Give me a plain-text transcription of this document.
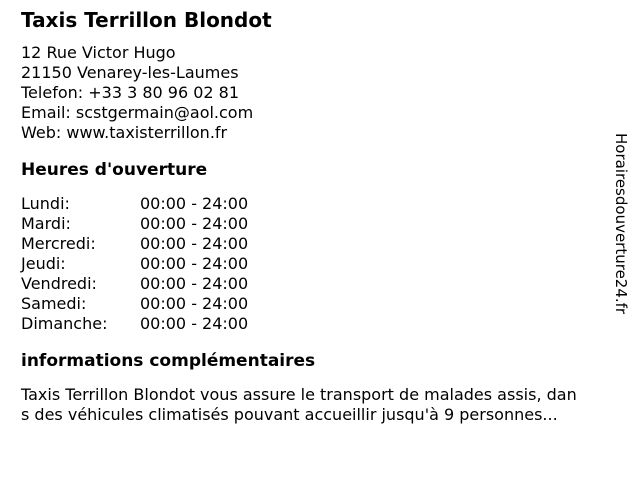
Taxis Terrillon Blondot
12 Rue Victor Hugo
21150 Venarey-les-Laumes
Telefon: +33 3 80 96 02 81
Email: scstgermain@aol.com
Web: www.taxisterrillon.fr
Heures d'ouverture
Lundi:	00:00 - 24:00
Mardi:	00:00 - 24:00
Mercredi:	00:00 - 24:00
Jeudi:	00:00 - 24:00
Vendredi:	00:00 - 24:00
Samedi:	00:00 - 24:00
Dimanche:	00:00 - 24:00
informations complémentaires
Taxis Terrillon Blondot vous assure le transport de malades assis, dan
s des véhicules climatisés pouvant accueillir jusqu'à 9 personnes...
Horairesdouverture24.fr
